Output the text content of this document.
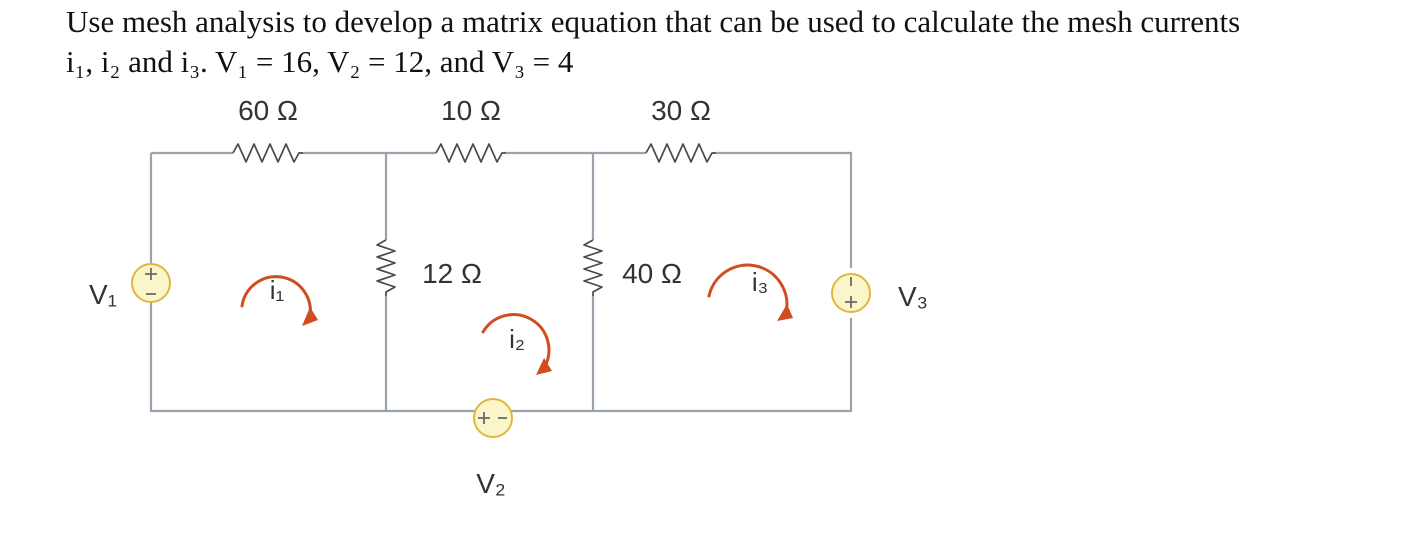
Use mesh analysis to develop a matrix equation that can be used to calculate the mesh currents
i₁, i₂ and i₃. V₁ = 16, V₂ = 12, and V₃ = 4
60 Ω	10 Ω	30 Ω
12 Ω	40 Ω
V₁
V₂
V₃
i₁
i₂
i₃
